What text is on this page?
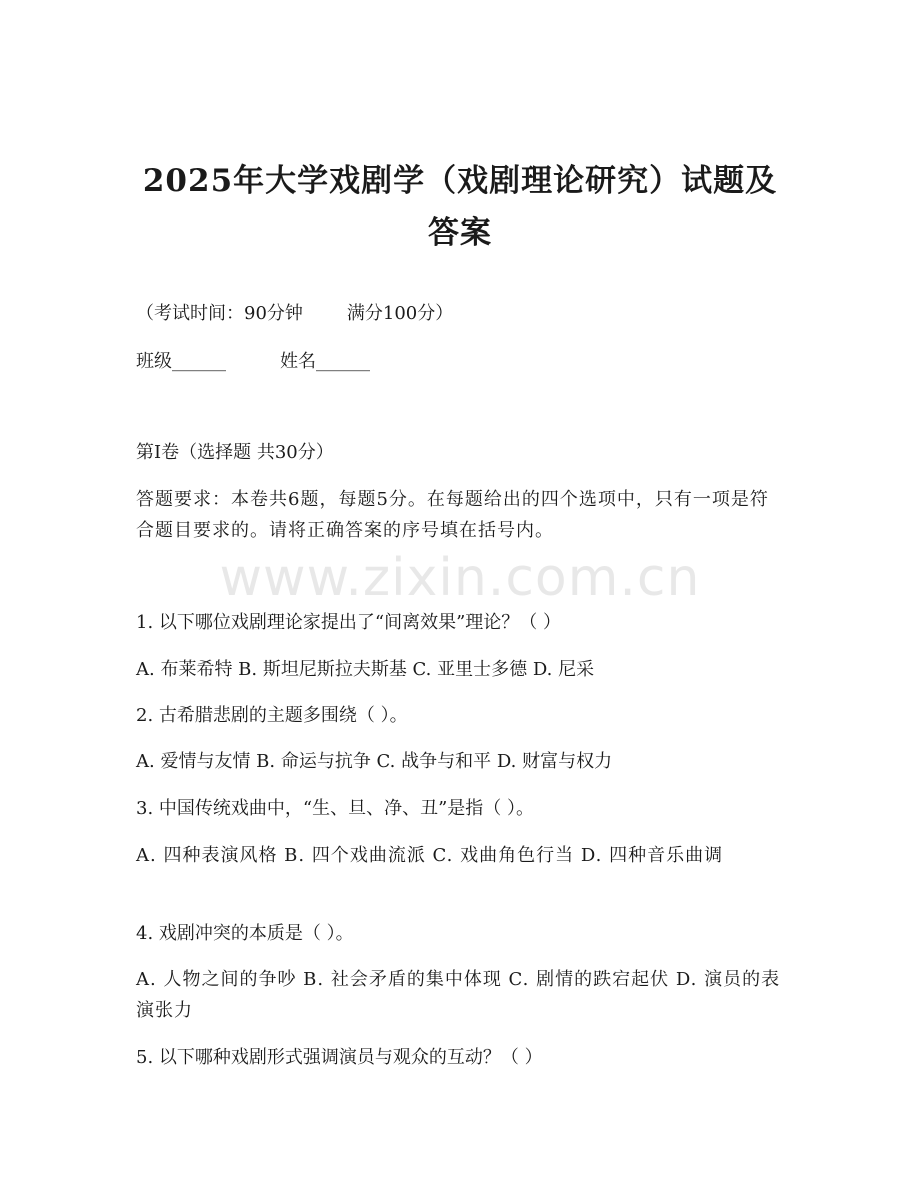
2025年大学戏剧学（戏剧理论研究）试题及
答案
（考试时间：90分钟 满分100分）
班级______	姓名______
第I卷（选择题 共30分）
答题要求：本卷共6题，每题5分。在每题给出的四个选项中，只有一项是符合题目要求的。请将正确答案的序号填在括号内。
1. 以下哪位戏剧理论家提出了“间离效果”理论？（ ）
A. 布莱希特 B. 斯坦尼斯拉夫斯基 C. 亚里士多德 D. 尼采
2. 古希腊悲剧的主题多围绕（ ）。
A. 爱情与友情 B. 命运与抗争 C. 战争与和平 D. 财富与权力
3. 中国传统戏曲中，“生、旦、净、丑”是指（ ）。
A. 四种表演风格 B. 四个戏曲流派 C. 戏曲角色行当 D. 四种音乐曲调
4. 戏剧冲突的本质是（ ）。
A. 人物之间的争吵 B. 社会矛盾的集中体现 C. 剧情的跌宕起伏 D. 演员的表演张力
5. 以下哪种戏剧形式强调演员与观众的互动？（ ）
www.zixin.com.cn
